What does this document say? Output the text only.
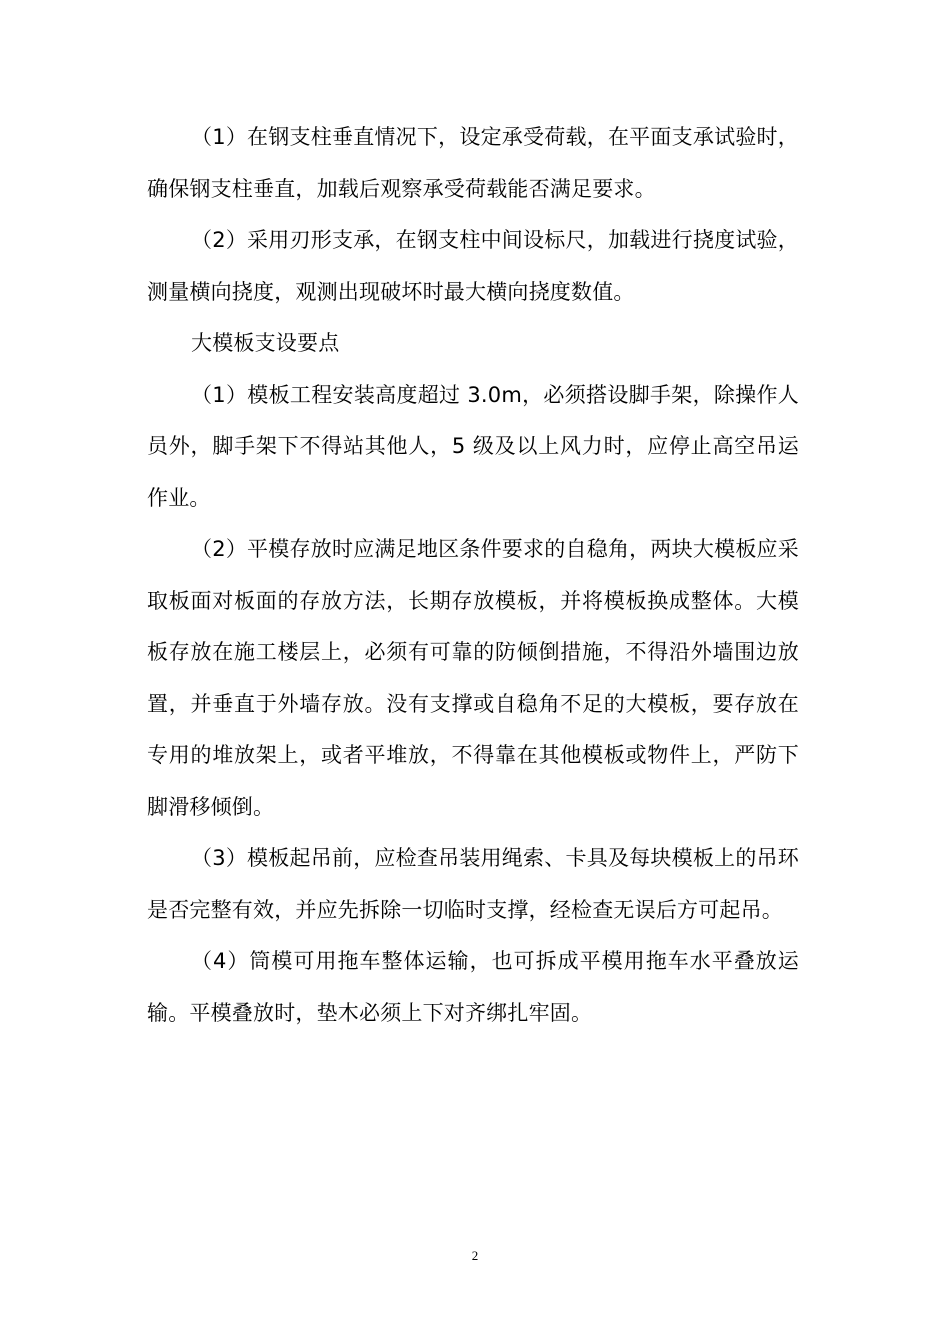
（1）在钢支柱垂直情况下，设定承受荷载，在平面支承试验时，确保钢支柱垂直，加载后观察承受荷载能否满足要求。

（2）采用刃形支承，在钢支柱中间设标尺，加载进行挠度试验，测量横向挠度，观测出现破坏时最大横向挠度数值。

大模板支设要点

（1）模板工程安装高度超过 3.0m，必须搭设脚手架，除操作人员外，脚手架下不得站其他人，5 级及以上风力时，应停止高空吊运作业。

（2）平模存放时应满足地区条件要求的自稳角，两块大模板应采取板面对板面的存放方法，长期存放模板，并将模板换成整体。大模板存放在施工楼层上，必须有可靠的防倾倒措施，不得沿外墙围边放置，并垂直于外墙存放。没有支撑或自稳角不足的大模板，要存放在专用的堆放架上，或者平堆放，不得靠在其他模板或物件上，严防下脚滑移倾倒。

（3）模板起吊前，应检查吊装用绳索、卡具及每块模板上的吊环是否完整有效，并应先拆除一切临时支撑，经检查无误后方可起吊。

（4）筒模可用拖车整体运输，也可拆成平模用拖车水平叠放运输。平模叠放时，垫木必须上下对齐绑扎牢固。

2
